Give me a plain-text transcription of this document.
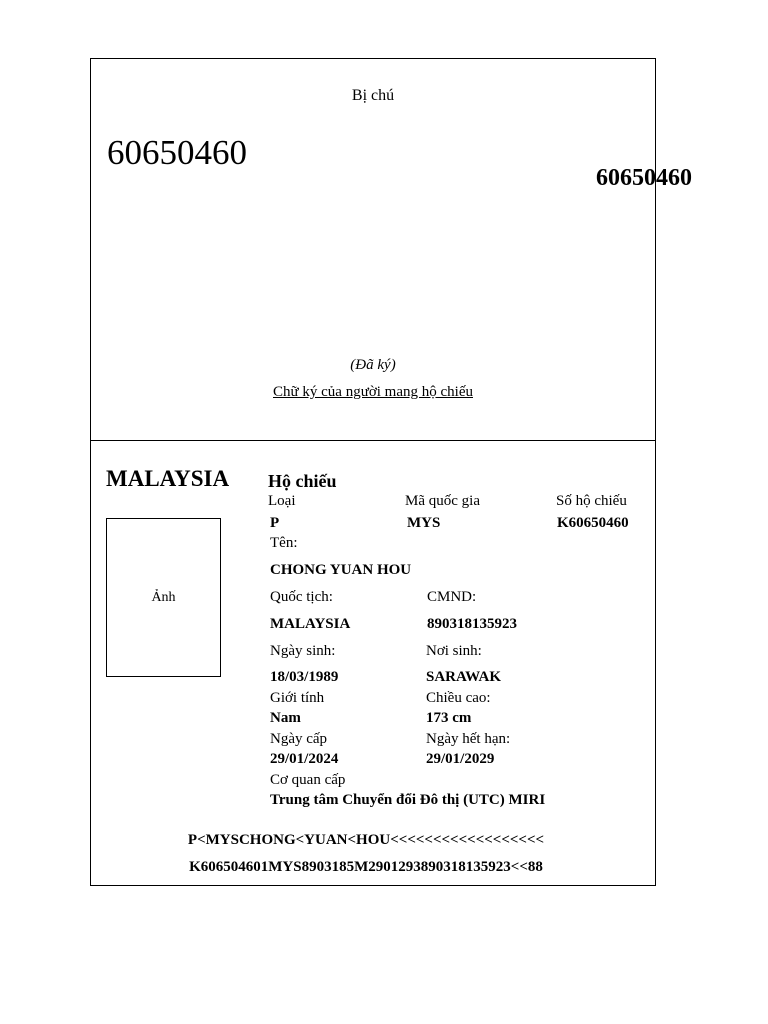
Bị chú
60650460
60650460
(Đã ký)
Chữ ký của người mang hộ chiếu
MALAYSIA Hộ chiếu
Ảnh
Loại	Mã quốc gia	Số hộ chiếu
P	MYS	K60650460
Tên:
CHONG YUAN HOU
Quốc tịch:	CMND:
MALAYSIA	890318135923
Ngày sinh:	Nơi sinh:
18/03/1989	SARAWAK
Giới tính	Chiều cao:
Nam	173 cm
Ngày cấp	Ngày hết hạn:
29/01/2024	29/01/2029
Cơ quan cấp
Trung tâm Chuyển đổi Đô thị (UTC) MIRI
P<MYSCHONG<YUAN<HOU<<<<<<<<<<<<<<<<<<
K606504601MYS8903185M2901293890318135923<<88
